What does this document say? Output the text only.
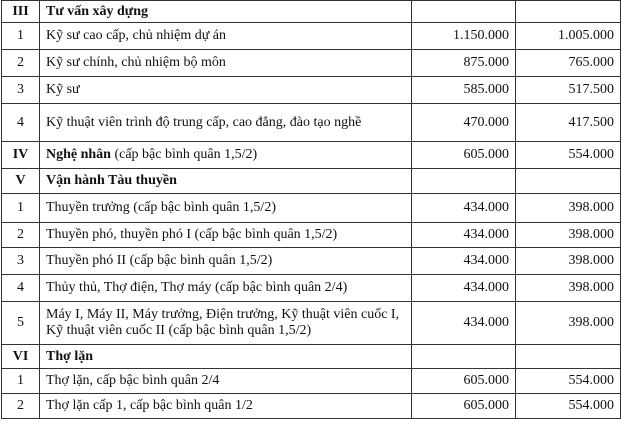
III	Tư vấn xây dựng		
1	Kỹ sư cao cấp, chủ nhiệm dự án	1.150.000	1.005.000
2	Kỹ sư chính, chủ nhiệm bộ môn	875.000	765.000
3	Kỹ sư	585.000	517.500
4	Kỹ thuật viên trình độ trung cấp, cao đẳng, đào tạo nghề	470.000	417.500
IV	Nghệ nhân (cấp bậc bình quân 1,5/2)	605.000	554.000
V	Vận hành Tàu thuyền		
1	Thuyền trưởng (cấp bậc bình quân 1,5/2)	434.000	398.000
2	Thuyền phó, thuyền phó I (cấp bậc bình quân 1,5/2)	434.000	398.000
3	Thuyền phó II (cấp bậc bình quân 1,5/2)	434.000	398.000
4	Thủy thủ, Thợ điện, Thợ máy (cấp bậc bình quân 2/4)	434.000	398.000
5	Máy I, Máy II, Máy trưởng, Điện trưởng, Kỹ thuật viên cuốc I, Kỹ thuật viên cuốc II (cấp bậc bình quân 1,5/2)	434.000	398.000
VI	Thợ lặn		
1	Thợ lặn, cấp bậc bình quân 2/4	605.000	554.000
2	Thợ lặn cấp 1, cấp bậc bình quân 1/2	605.000	554.000
